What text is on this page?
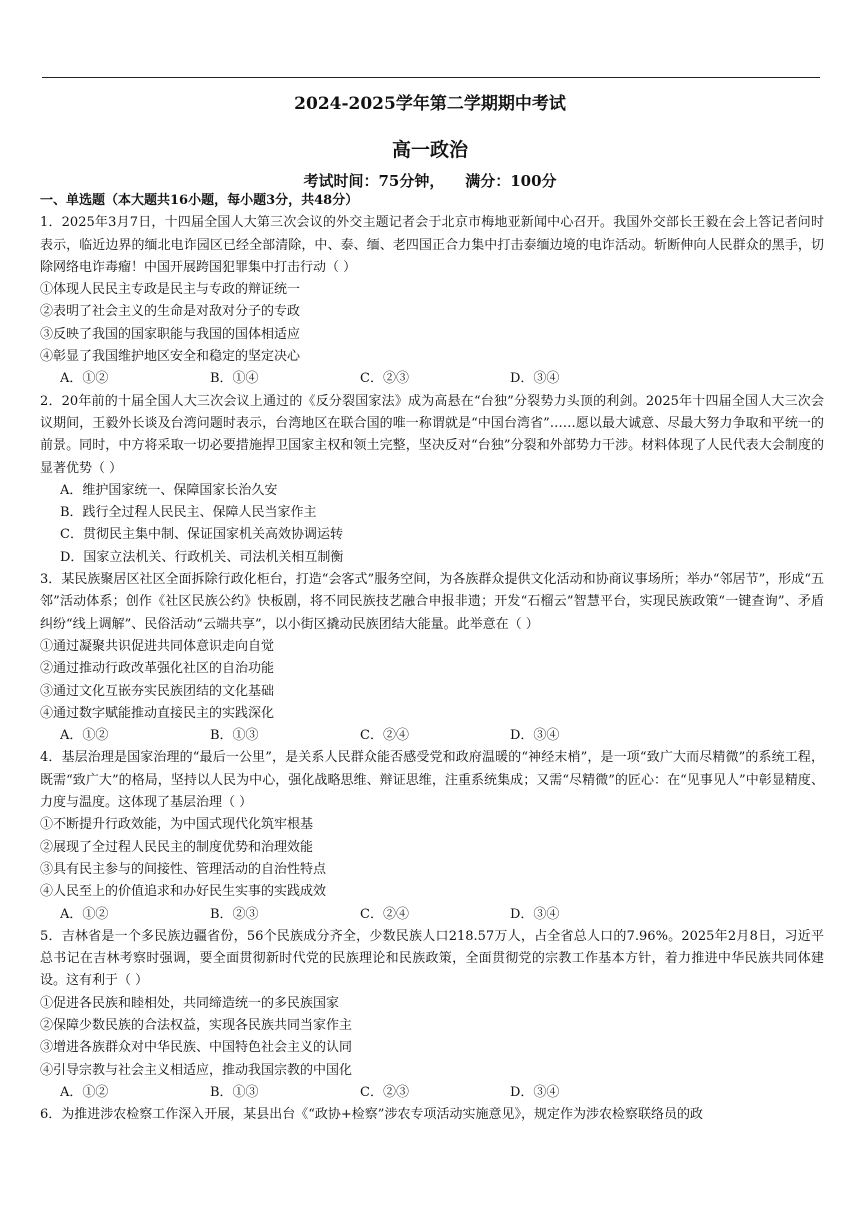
2024-2025学年第二学期期中考试
高一政治
考试时间：75分钟，    满分：100分
一、单选题（本大题共16小题，每小题3分，共48分）
1．2025年3月7日，十四届全国人大第三次会议的外交主题记者会于北京市梅地亚新闻中心召开。我国外交部长王毅在会上答记者问时表示，临近边界的缅北电诈园区已经全部清除，中、泰、缅、老四国正合力集中打击泰缅边境的电诈活动。斩断伸向人民群众的黑手，切除网络电诈毒瘤！中国开展跨国犯罪集中打击行动（ ）
①体现人民民主专政是民主与专政的辩证统一
②表明了社会主义的生命是对敌对分子的专政
③反映了我国的国家职能与我国的国体相适应
④彰显了我国维护地区安全和稳定的坚定决心
A．①②	B．①④	C．②③	D．③④
2．20年前的十届全国人大三次会议上通过的《反分裂国家法》成为高悬在“台独”分裂势力头顶的利剑。2025年十四届全国人大三次会议期间，王毅外长谈及台湾问题时表示，台湾地区在联合国的唯一称谓就是“中国台湾省”……愿以最大诚意、尽最大努力争取和平统一的前景。同时，中方将采取一切必要措施捍卫国家主权和领土完整，坚决反对“台独”分裂和外部势力干涉。材料体现了人民代表大会制度的显著优势（ ）
A．维护国家统一、保障国家长治久安
B．践行全过程人民民主、保障人民当家作主
C．贯彻民主集中制、保证国家机关高效协调运转
D．国家立法机关、行政机关、司法机关相互制衡
3．某民族聚居区社区全面拆除行政化柜台，打造“会客式”服务空间，为各族群众提供文化活动和协商议事场所；举办“邻居节”，形成“五邻”活动体系；创作《社区民族公约》快板剧，将不同民族技艺融合申报非遗；开发“石榴云”智慧平台，实现民族政策“一键查询”、矛盾纠纷“线上调解”、民俗活动“云端共享”，以小街区撬动民族团结大能量。此举意在（ ）
①通过凝聚共识促进共同体意识走向自觉
②通过推动行政改革强化社区的自治功能
③通过文化互嵌夯实民族团结的文化基础
④通过数字赋能推动直接民主的实践深化
A．①②	B．①③	C．②④	D．③④
4．基层治理是国家治理的“最后一公里”，是关系人民群众能否感受党和政府温暖的“神经末梢”，是一项“致广大而尽精微”的系统工程，既需“致广大”的格局，坚持以人民为中心，强化战略思维、辩证思维，注重系统集成；又需“尽精微”的匠心：在“见事见人”中彰显精度、力度与温度。这体现了基层治理（ ）
①不断提升行政效能，为中国式现代化筑牢根基
②展现了全过程人民民主的制度优势和治理效能
③具有民主参与的间接性、管理活动的自治性特点
④人民至上的价值追求和办好民生实事的实践成效
A．①②	B．②③	C．②④	D．③④
5．吉林省是一个多民族边疆省份，56个民族成分齐全，少数民族人口218.57万人，占全省总人口的7.96%。2025年2月8日，习近平总书记在吉林考察时强调，要全面贯彻新时代党的民族理论和民族政策，全面贯彻党的宗教工作基本方针，着力推进中华民族共同体建设。这有利于（ ）
①促进各民族和睦相处，共同缔造统一的多民族国家
②保障少数民族的合法权益，实现各民族共同当家作主
③增进各族群众对中华民族、中国特色社会主义的认同
④引导宗教与社会主义相适应，推动我国宗教的中国化
A．①②	B．①③	C．②③	D．③④
6．为推进涉农检察工作深入开展，某县出台《“政协+检察”涉农专项活动实施意见》，规定作为涉农检察联络员的政
